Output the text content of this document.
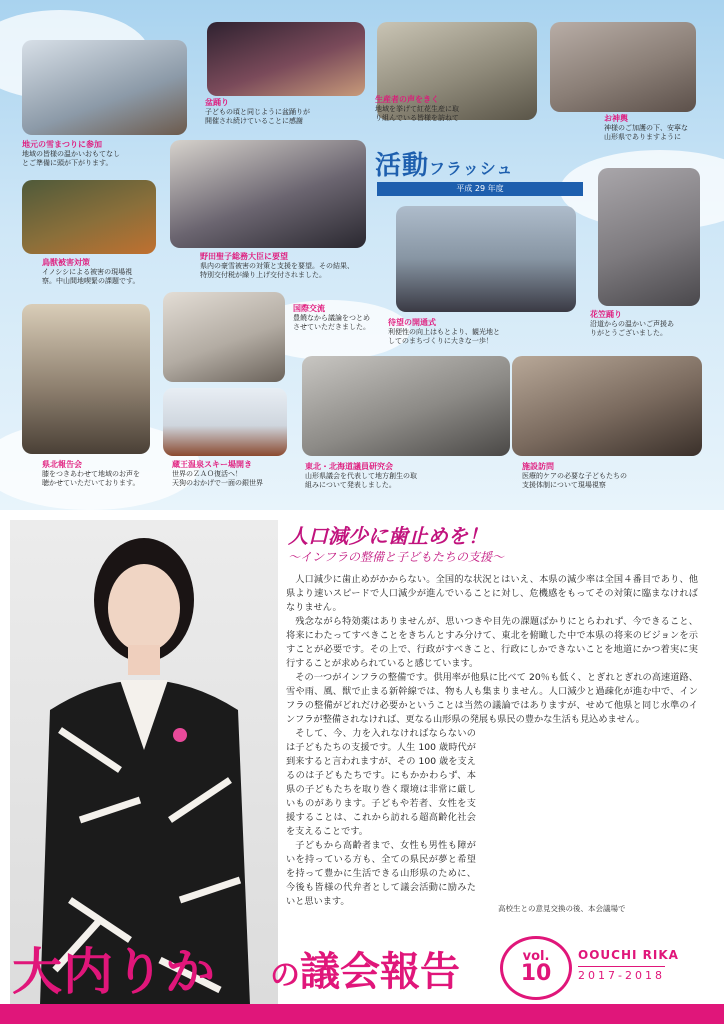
地元の雪まつりに参加
地域の皆様の温かいおもてなし
とご準備に頭が下がります。
盆踊り
子どもの頃と同じように盆踊りが
開催され続けていることに感謝
生産者の声をきく
地域を挙げて紅花生産に取
り組んでいる皆様を訪ねて	お神輿
神様のご加護の下、安寧な
山形県でありますように
鳥獣被害対策
イノシシによる被害の現場視
察。中山間地喫緊の課題です。
野田聖子総務大臣に要望
県内の豪雪被害の対策と支援を要望。その結果、
特別交付税が繰り上げ交付されました。
活動フラッシュ
平成 29 年度
待望の開通式
利便性の向上はもとより、観光地と
してのまちづくりに大きな一歩！
花笠踊り
沿道からの温かいご声援あ
りがとうございました。
県北報告会
膝をつきあわせて地域のお声を
聴かせていただいております。
国際交流
豊饒なから議論をつとめ
させていただきました。
蔵王温泉スキー場開き
世界のＺＡＯ復活へ！
天狗のおかげで一面の銀世界
東北・北海道議員研究会
山形県議会を代表して地方創生の取
組みについて発表しました。
施設訪問
医療的ケアの必要な子どもたちの
支援体制について現場視察
人口減少に歯止めを！
～インフラの整備と子どもたちの支援～

人口減少に歯止めがかからない。全国的な状況とはいえ、本県の減少率は全国４番目であり、他県より速いスピードで人口減少が進んでいることに対し、危機感をもってその対策に臨まなければなりません。

残念ながら特効薬はありませんが、思いつきや目先の課題ばかりにとらわれず、今できること、将来にわたってすべきことをきちんとすみ分けて、東北を俯瞰した中で本県の将来のビジョンを示すことが必要です。その上で、行政がすべきこと、行政にしかできないことを地道にかつ着実に実行することが求められていると感じています。

その一つがインフラの整備です。供用率が他県に比べて 20％も低く、とぎれとぎれの高速道路、雪や雨、風、獣で止まる新幹線では、物も人も集まりません。人口減少と過疎化が進む中で、インフラの整備がどれだけ必要かということは当然の議論ではありますが、せめて他県と同じ水準のインフラが整備されなければ、更なる山形県の発展も県民の豊かな生活も見込めません。

そして、今、力を入れなければならないのは子どもたちの支援です。人生 100 歳時代が到来すると言われますが、その 100 歳を支えるのは子どもたちです。にもかかわらず、本県の子どもたちを取り巻く環境は非常に厳しいものがあります。子どもや若者、女性を支援することは、これから訪れる超高齢化社会を支えることです。

子どもから高齢者まで、女性も男性も障がいを持っている方も、全ての県民が夢と希望を持って豊かに生活できる山形県のために、今後も皆様の代弁者として議会活動に励みたいと思います。

高校生との意見交換の後、本会議場で
大内りか の議会報告	vol.
10
OOUCHI RIKA
2017-2018
